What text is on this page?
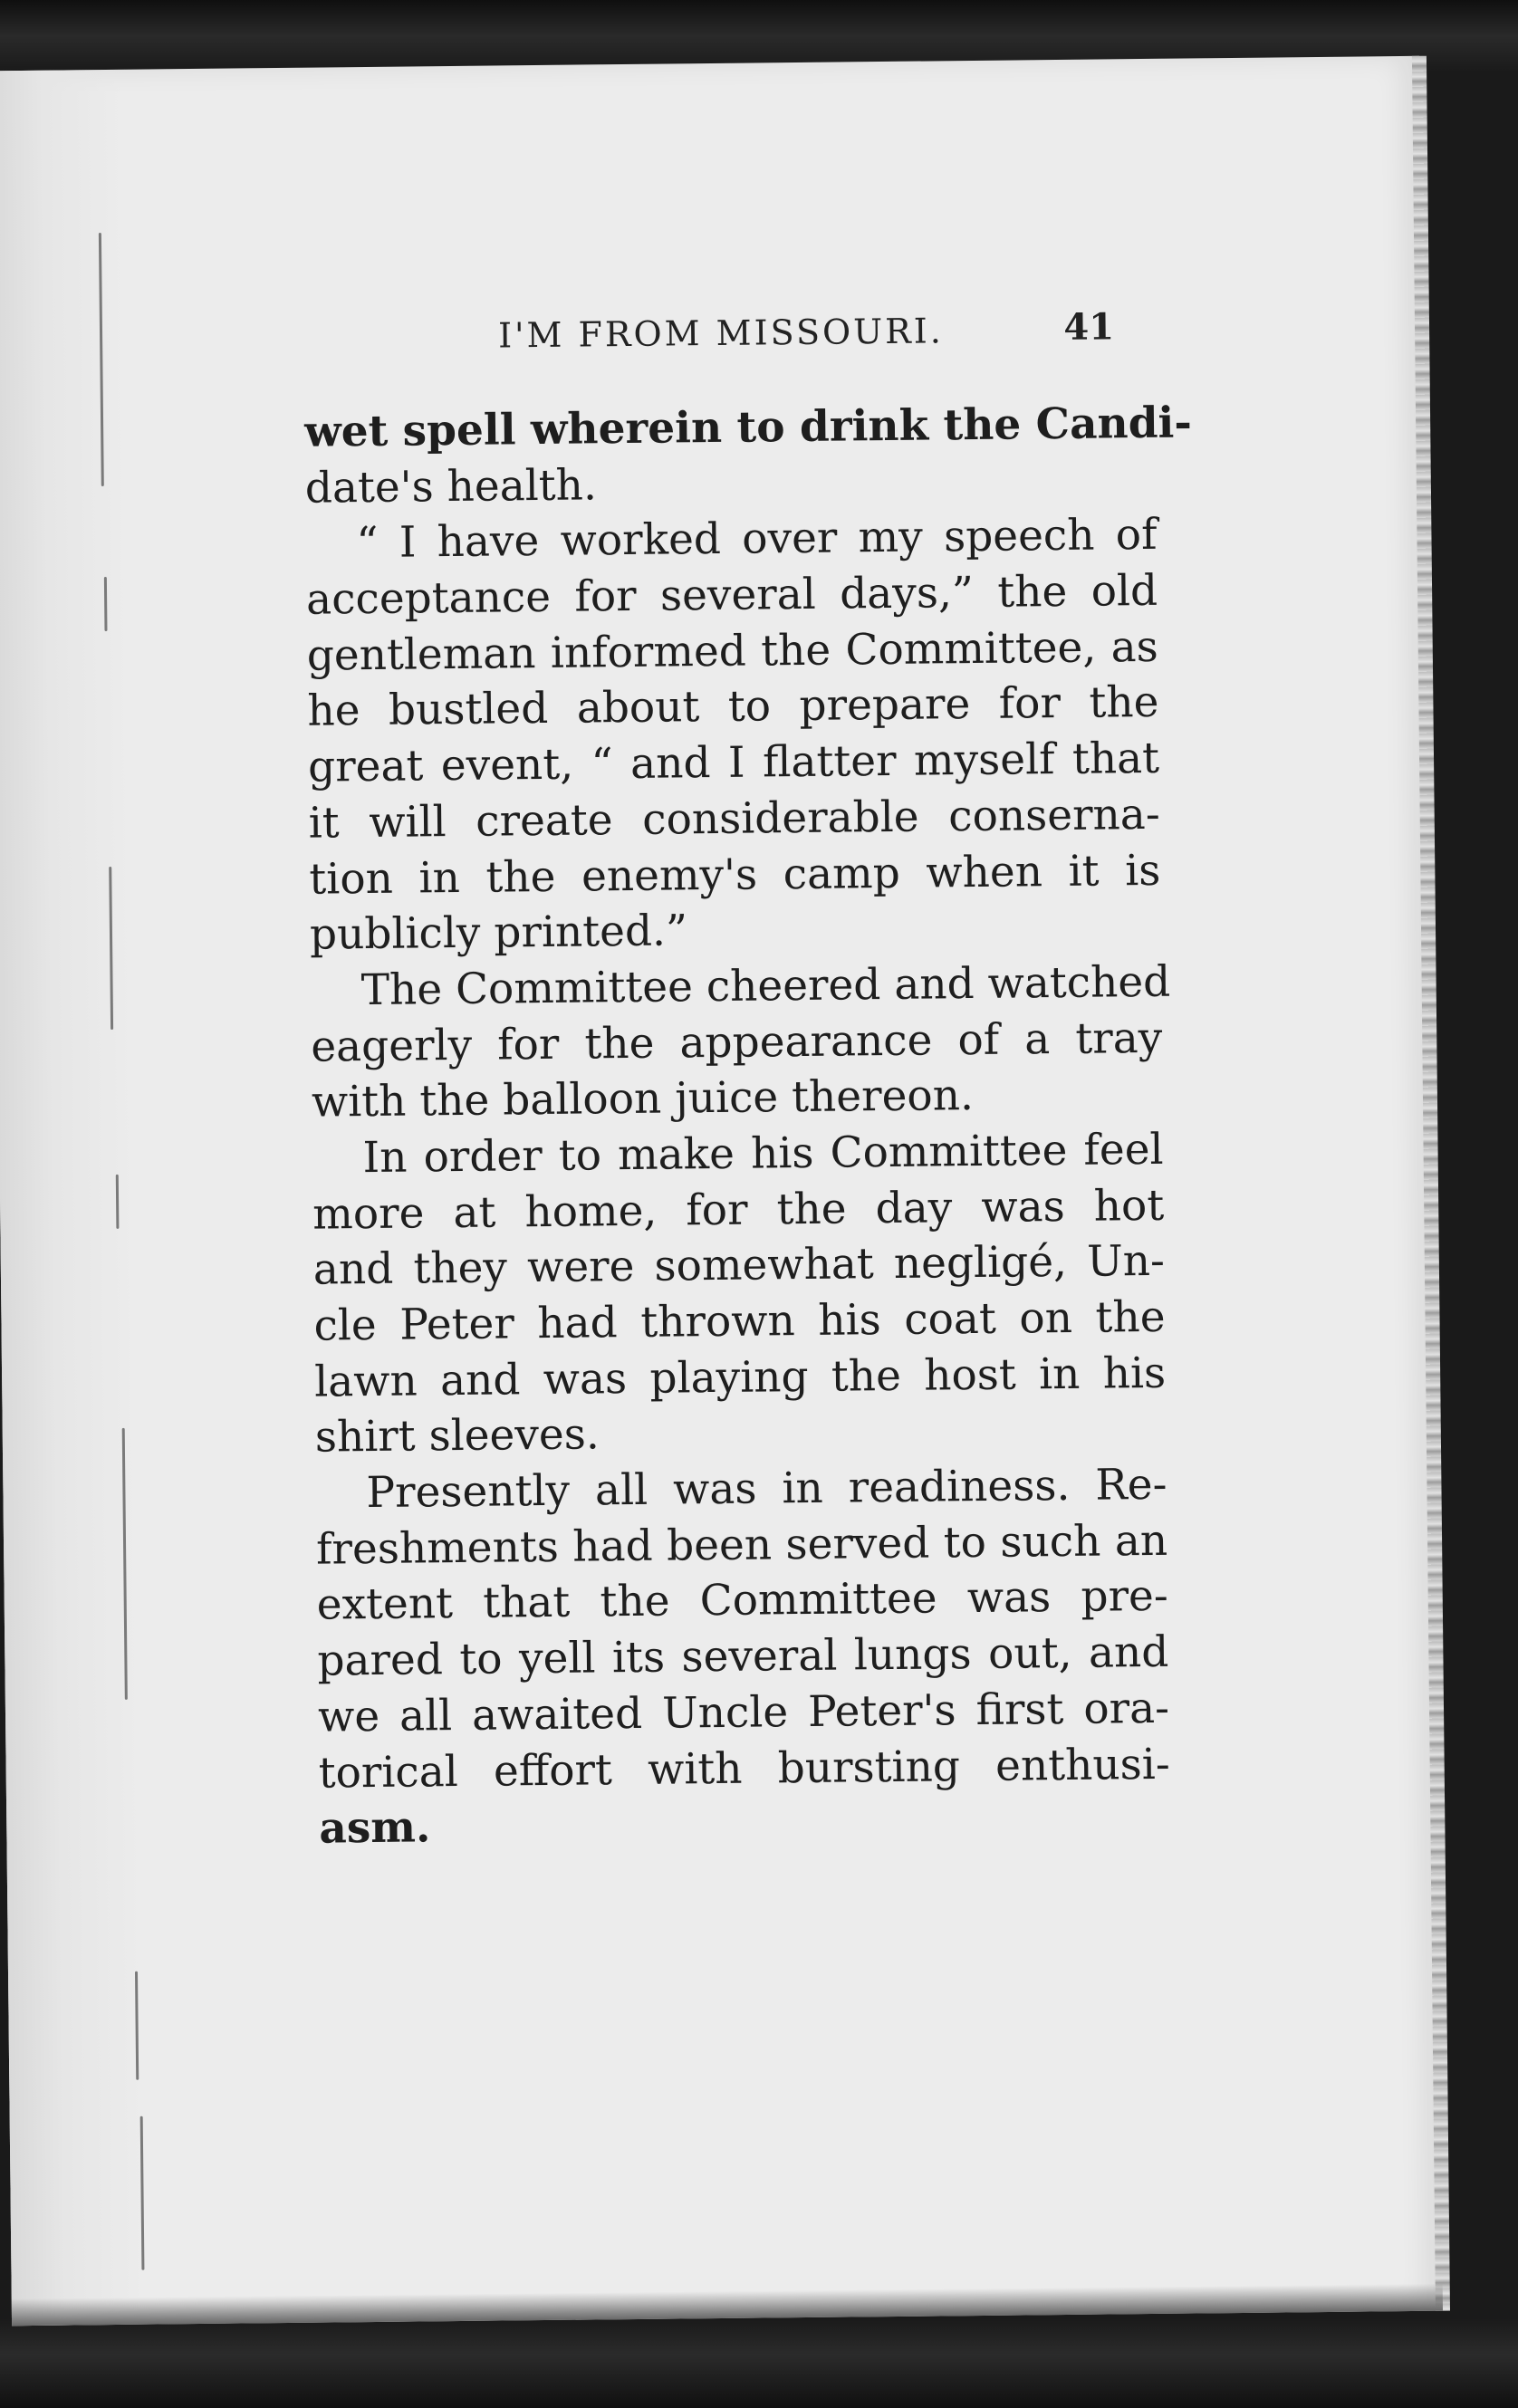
I'M FROM MISSOURI.	41
wet spell wherein to drink the Candi-
date's health.
“ I have worked over my speech of
acceptance for several days,” the old
gentleman informed the Committee, as
he bustled about to prepare for the
great event, “ and I flatter myself that
it will create considerable conserna-
tion in the enemy's camp when it is
publicly printed.”
The Committee cheered and watched
eagerly for the appearance of a tray
with the balloon juice thereon.
In order to make his Committee feel
more at home, for the day was hot
and they were somewhat negligé, Un-
cle Peter had thrown his coat on the
lawn and was playing the host in his
shirt sleeves.
Presently all was in readiness. Re-
freshments had been served to such an
extent that the Committee was pre-
pared to yell its several lungs out, and
we all awaited Uncle Peter's first ora-
torical effort with bursting enthusi-
asm.
